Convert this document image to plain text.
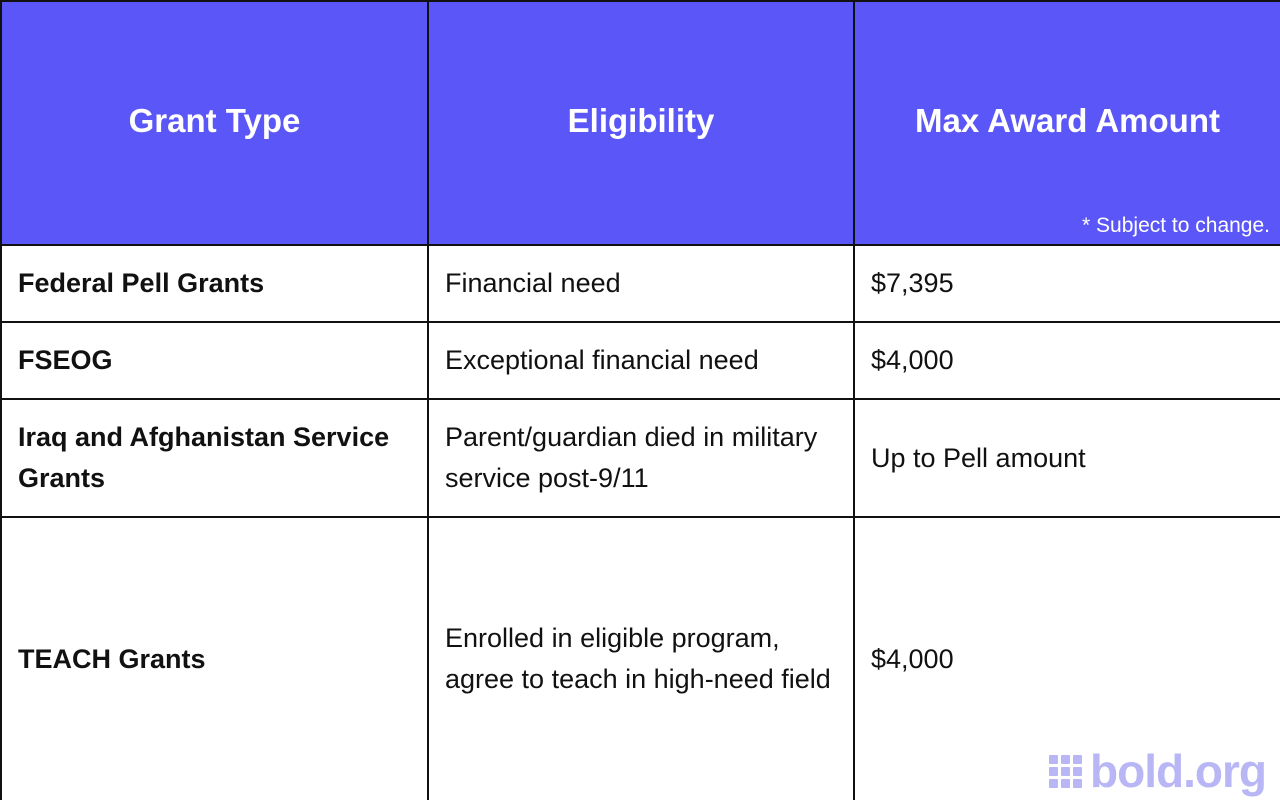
Grant Type	Eligibility	Max Award Amount
* Subject to change.

Federal Pell Grants	Financial need	$7,395
FSEOG	Exceptional financial need	$4,000
Iraq and Afghanistan Service Grants	Parent/guardian died in military service post-9/11	Up to Pell amount
TEACH Grants	Enrolled in eligible program, agree to teach in high-need field	$4,000
bold.org
